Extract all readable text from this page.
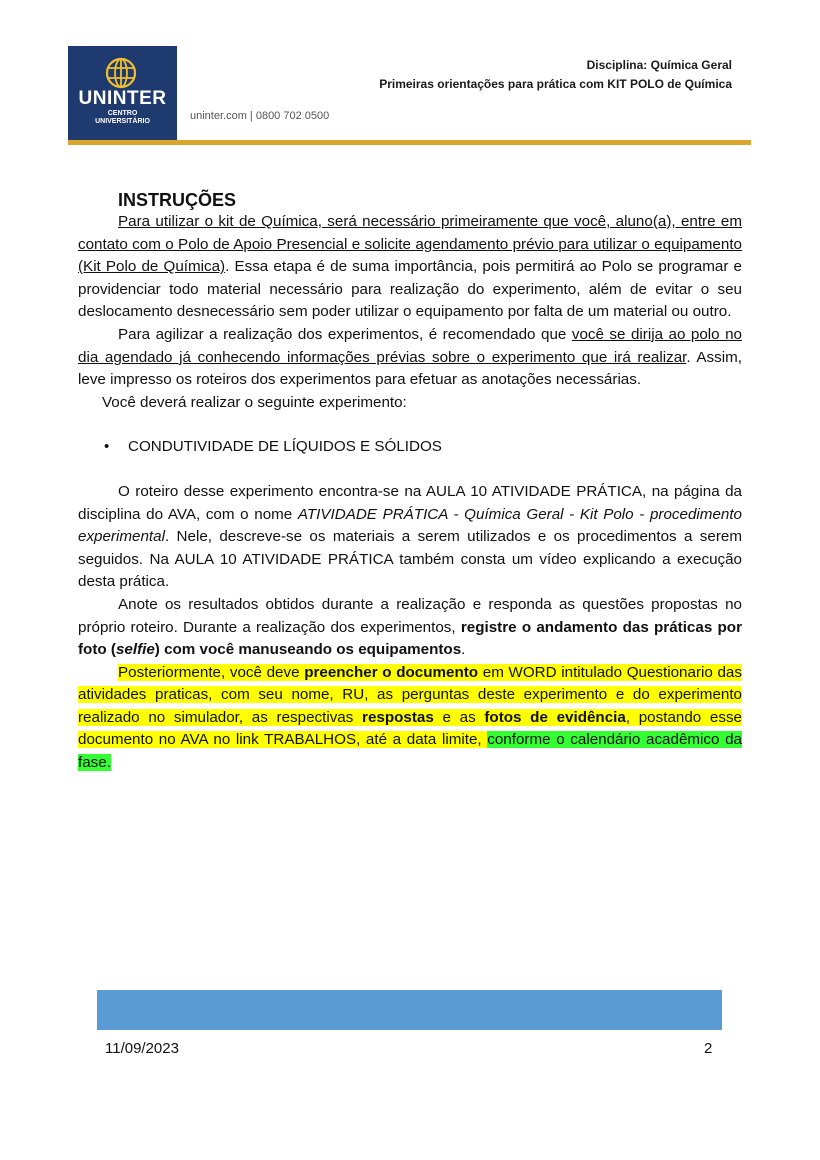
UNINTER
CENTRO
UNIVERSITÁRIO	uninter.com | 0800 702 0500
Disciplina: Química Geral
Primeiras orientações para prática com KIT POLO de Química
INSTRUÇÕES

Para utilizar o kit de Química, será necessário primeiramente que você, aluno(a), entre em contato com o Polo de Apoio Presencial e solicite agendamento prévio para utilizar o equipamento (Kit Polo de Química). Essa etapa é de suma importância, pois permitirá ao Polo se programar e providenciar todo material necessário para realização do experimento, além de evitar o seu deslocamento desnecessário sem poder utilizar o equipamento por falta de um material ou outro.

Para agilizar a realização dos experimentos, é recomendado que você se dirija ao polo no dia agendado já conhecendo informações prévias sobre o experimento que irá realizar. Assim, leve impresso os roteiros dos experimentos para efetuar as anotações necessárias.

Você deverá realizar o seguinte experimento:

•	CONDUTIVIDADE DE LÍQUIDOS E SÓLIDOS

O roteiro desse experimento encontra-se na AULA 10 ATIVIDADE PRÁTICA, na página da disciplina do AVA, com o nome ATIVIDADE PRÁTICA - Química Geral - Kit Polo - procedimento experimental. Nele, descreve-se os materiais a serem utilizados e os procedimentos a serem seguidos. Na AULA 10 ATIVIDADE PRÁTICA também consta um vídeo explicando a execução desta prática.

Anote os resultados obtidos durante a realização e responda as questões propostas no próprio roteiro. Durante a realização dos experimentos, registre o andamento das práticas por foto (selfie) com você manuseando os equipamentos.

Posteriormente, você deve preencher o documento em WORD intitulado Questionario das atividades praticas, com seu nome, RU, as perguntas deste experimento e do experimento realizado no simulador, as respectivas respostas e as fotos de evidência, postando esse documento no AVA no link TRABALHOS, até a data limite, conforme o calendário acadêmico da fase.

11/09/2023	2
